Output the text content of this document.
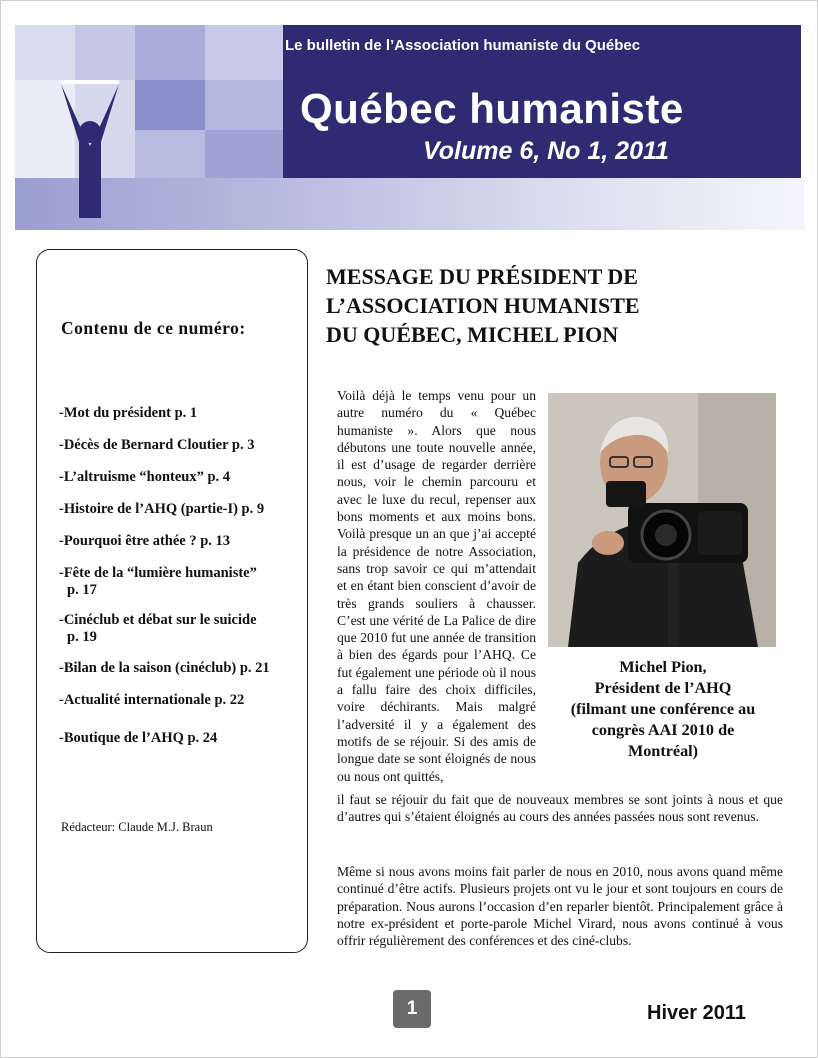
Le bulletin de l’Association humaniste du Québec
Québec humaniste
Volume 6, No 1, 2011
Contenu de ce numéro:
-Mot du président p. 1
-Décès de Bernard Cloutier p. 3
-L’altruisme “honteux” p. 4
-Histoire de l’AHQ (partie-I) p. 9
-Pourquoi être athée ? p. 13
-Fête de la “lumière humaniste”
p. 17
-Cinéclub et débat sur le suicide
p. 19
-Bilan de la saison (cinéclub) p. 21
-Actualité internationale p. 22
-Boutique de l’AHQ p. 24
Rédacteur: Claude M.J. Braun
MESSAGE DU PRÉSIDENT DE
L’ASSOCIATION HUMANISTE
DU QUÉBEC, MICHEL PION
Voilà déjà le temps venu pour un autre numéro du « Québec humaniste ». Alors que nous débutons une toute nouvelle année, il est d’usage de regarder derrière nous, voir le chemin parcouru et avec le luxe du recul, repenser aux bons moments et aux moins bons. Voilà presque un an que j’ai accepté la présidence de notre Association, sans trop savoir ce qui m’attendait et en étant bien conscient d’avoir de très grands souliers à chausser. C’est une vérité de La Palice de dire que 2010 fut une année de transition à bien des égards pour l’AHQ. Ce fut également une période où il nous a fallu faire des choix difficiles, voire déchirants. Mais malgré l’adversité il y a également des motifs de se réjouir. Si des amis de longue date se sont éloignés de nous ou nous ont quittés,
Michel Pion,
Président de l’AHQ
(filmant une conférence au
congrès AAI 2010 de
Montréal)
il faut se réjouir du fait que de nouveaux membres se sont joints à nous et que d’autres qui s’étaient éloignés au cours des années passées nous sont revenus.
Même si nous avons moins fait parler de nous en 2010, nous avons quand même continué d’être actifs. Plusieurs projets ont vu le jour et sont toujours en cours de préparation. Nous aurons l’occasion d’en reparler bientôt. Principalement grâce à notre ex-président et porte-parole Michel Virard, nous avons continué à vous offrir régulièrement des conférences et des ciné-clubs.
1	Hiver 2011
